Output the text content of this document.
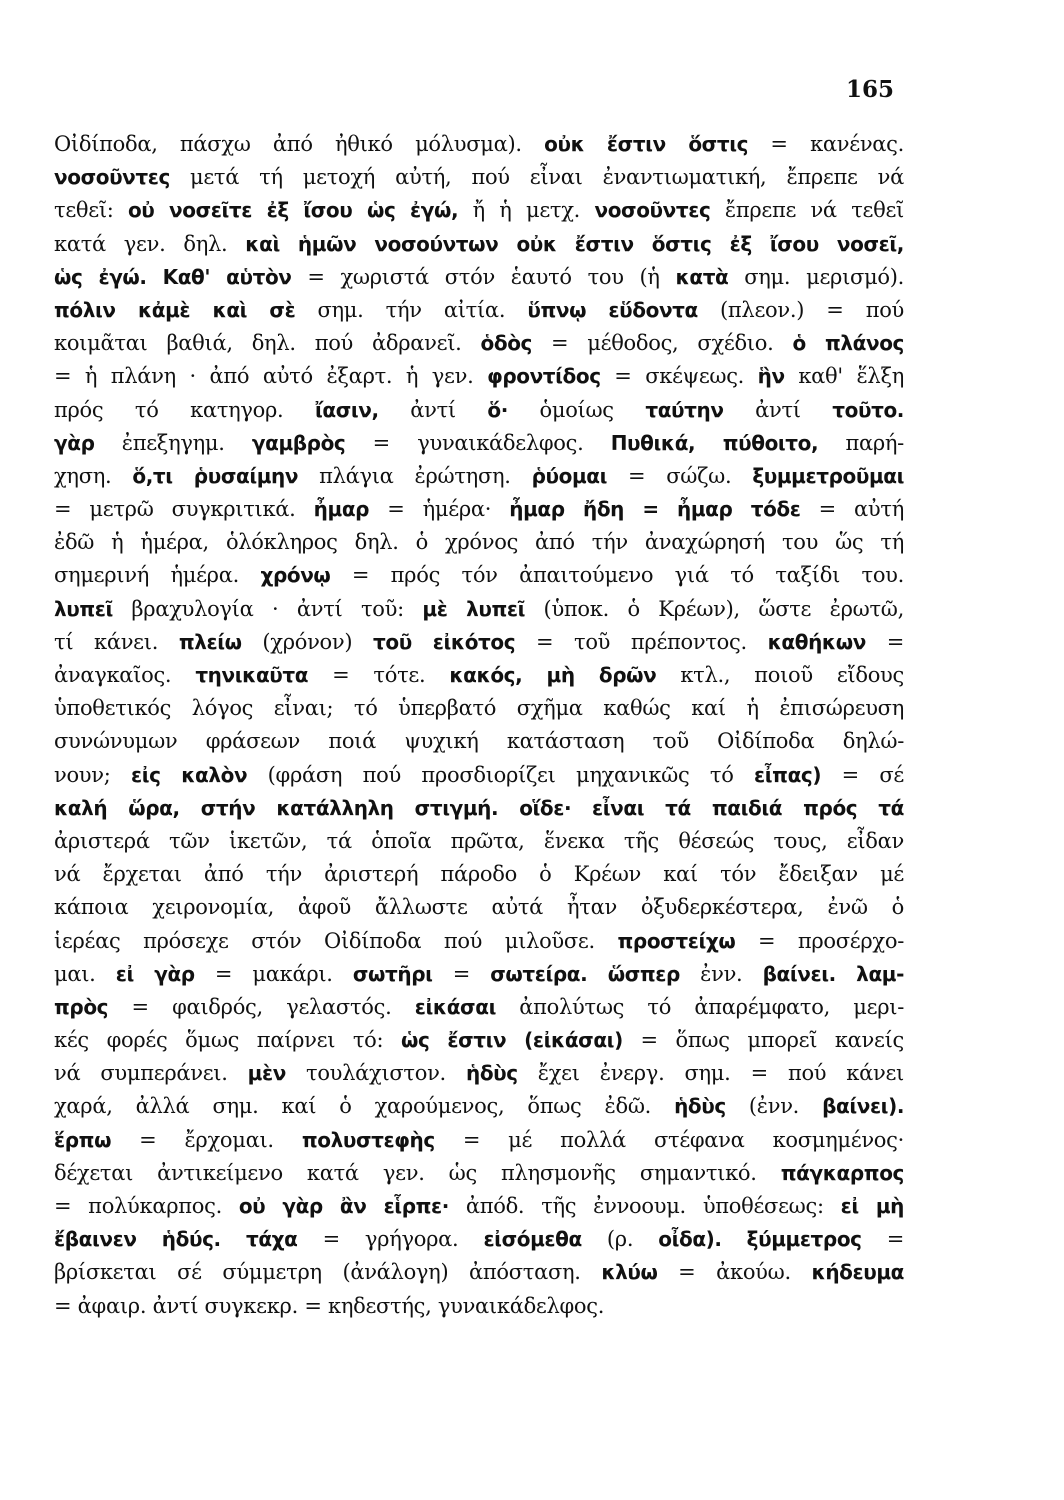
165
Οἰδίποδα, πάσχω ἀπό ἠθικό μόλυσμα). οὐκ ἔστιν ὅστις = κανένας.
νοσοῦντες μετά τή μετοχή αὐτή, πού εἶναι ἐναντιωματική, ἔπρεπε νά
τεθεῖ: οὐ νοσεῖτε ἐξ ἴσου ὡς ἐγώ, ἤ ἡ μετχ. νοσοῦντες ἔπρεπε νά τεθεῖ
κατά γεν. δηλ. καὶ ἡμῶν νοσούντων οὐκ ἔστιν ὅστις ἐξ ἴσου νοσεῖ,
ὡς ἐγώ. Καθ' αὑτὸν = χωριστά στόν ἑαυτό του (ἡ κατὰ σημ. μερισμό).
πόλιν κἀμὲ καὶ σὲ σημ. τήν αἰτία. ὕπνῳ εὕδοντα (πλεον.) = πού
κοιμᾶται βαθιά, δηλ. πού ἀδρανεῖ. ὁδὸς = μέθοδος, σχέδιο. ὁ πλάνος
= ἡ πλάνη · ἀπό αὐτό ἐξαρτ. ἡ γεν. φροντίδος = σκέψεως. ἣν καθ' ἕλξη
πρός τό κατηγορ. ἴασιν, ἀντί ὅ· ὁμοίως ταύτην ἀντί τοῦτο.
γὰρ ἐπεξηγημ. γαμβρὸς = γυναικάδελφος. Πυθικά, πύθοιτο, παρή-
χηση. ὅ,τι ῥυσαίμην πλάγια ἐρώτηση. ῥύομαι = σώζω. ξυμμετροῦμαι
= μετρῶ συγκριτικά. ἦμαρ = ἡμέρα· ἦμαρ ἤδη = ἦμαρ τόδε = αὐτή
ἐδῶ ἡ ἡμέρα, ὁλόκληρος δηλ. ὁ χρόνος ἀπό τήν ἀναχώρησή του ὥς τή
σημερινή ἡμέρα. χρόνῳ = πρός τόν ἀπαιτούμενο γιά τό ταξίδι του.
λυπεῖ βραχυλογία · ἀντί τοῦ: μὲ λυπεῖ (ὑποκ. ὁ Κρέων), ὥστε ἐρωτῶ,
τί κάνει. πλείω (χρόνον) τοῦ εἰκότος = τοῦ πρέποντος. καθήκων =
ἀναγκαῖος. τηνικαῦτα = τότε. κακός, μὴ δρῶν κτλ., ποιοῦ εἴδους
ὑποθετικός λόγος εἶναι; τό ὑπερβατό σχῆμα καθώς καί ἡ ἐπισώρευση
συνώνυμων φράσεων ποιά ψυχική κατάσταση τοῦ Οἰδίποδα δηλώ-
νουν; εἰς καλὸν (φράση πού προσδιορίζει μηχανικῶς τό εἶπας) = σέ
καλή ὥρα, στήν κατάλληλη στιγμή. οἵδε· εἶναι τά παιδιά πρός τά
ἀριστερά τῶν ἱκετῶν, τά ὁποῖα πρῶτα, ἕνεκα τῆς θέσεώς τους, εἶδαν
νά ἔρχεται ἀπό τήν ἀριστερή πάροδο ὁ Κρέων καί τόν ἔδειξαν μέ
κάποια χειρονομία, ἀφοῦ ἄλλωστε αὐτά ἦταν ὀξυδερκέστερα, ἐνῶ ὁ
ἱερέας πρόσεχε στόν Οἰδίποδα πού μιλοῦσε. προστείχω = προσέρχο-
μαι. εἰ γὰρ = μακάρι. σωτῆρι = σωτείρα. ὥσπερ ἐνν. βαίνει. λαμ-
πρὸς = φαιδρός, γελαστός. εἰκάσαι ἀπολύτως τό ἀπαρέμφατο, μερι-
κές φορές ὅμως παίρνει τό: ὡς ἔστιν (εἰκάσαι) = ὅπως μπορεῖ κανείς
νά συμπεράνει. μὲν τουλάχιστον. ἡδὺς ἔχει ἐνεργ. σημ. = πού κάνει
χαρά, ἀλλά σημ. καί ὁ χαρούμενος, ὅπως ἐδῶ. ἡδὺς (ἐνν. βαίνει).
ἕρπω = ἔρχομαι. πολυστεφὴς = μέ πολλά στέφανα κοσμημένος·
δέχεται ἀντικείμενο κατά γεν. ὡς πλησμονῆς σημαντικό. πάγκαρπος
= πολύκαρπος. οὐ γὰρ ἂν εἷρπε· ἀπόδ. τῆς ἐννοουμ. ὑποθέσεως: εἰ μὴ
ἔβαινεν ἡδύς. τάχα = γρήγορα. εἰσόμεθα (ρ. οἶδα). ξύμμετρος =
βρίσκεται σέ σύμμετρη (ἀνάλογη) ἀπόσταση. κλύω = ἀκούω. κήδευμα
= ἀφαιρ. ἀντί συγκεκρ. = κηδεστής, γυναικάδελφος.
